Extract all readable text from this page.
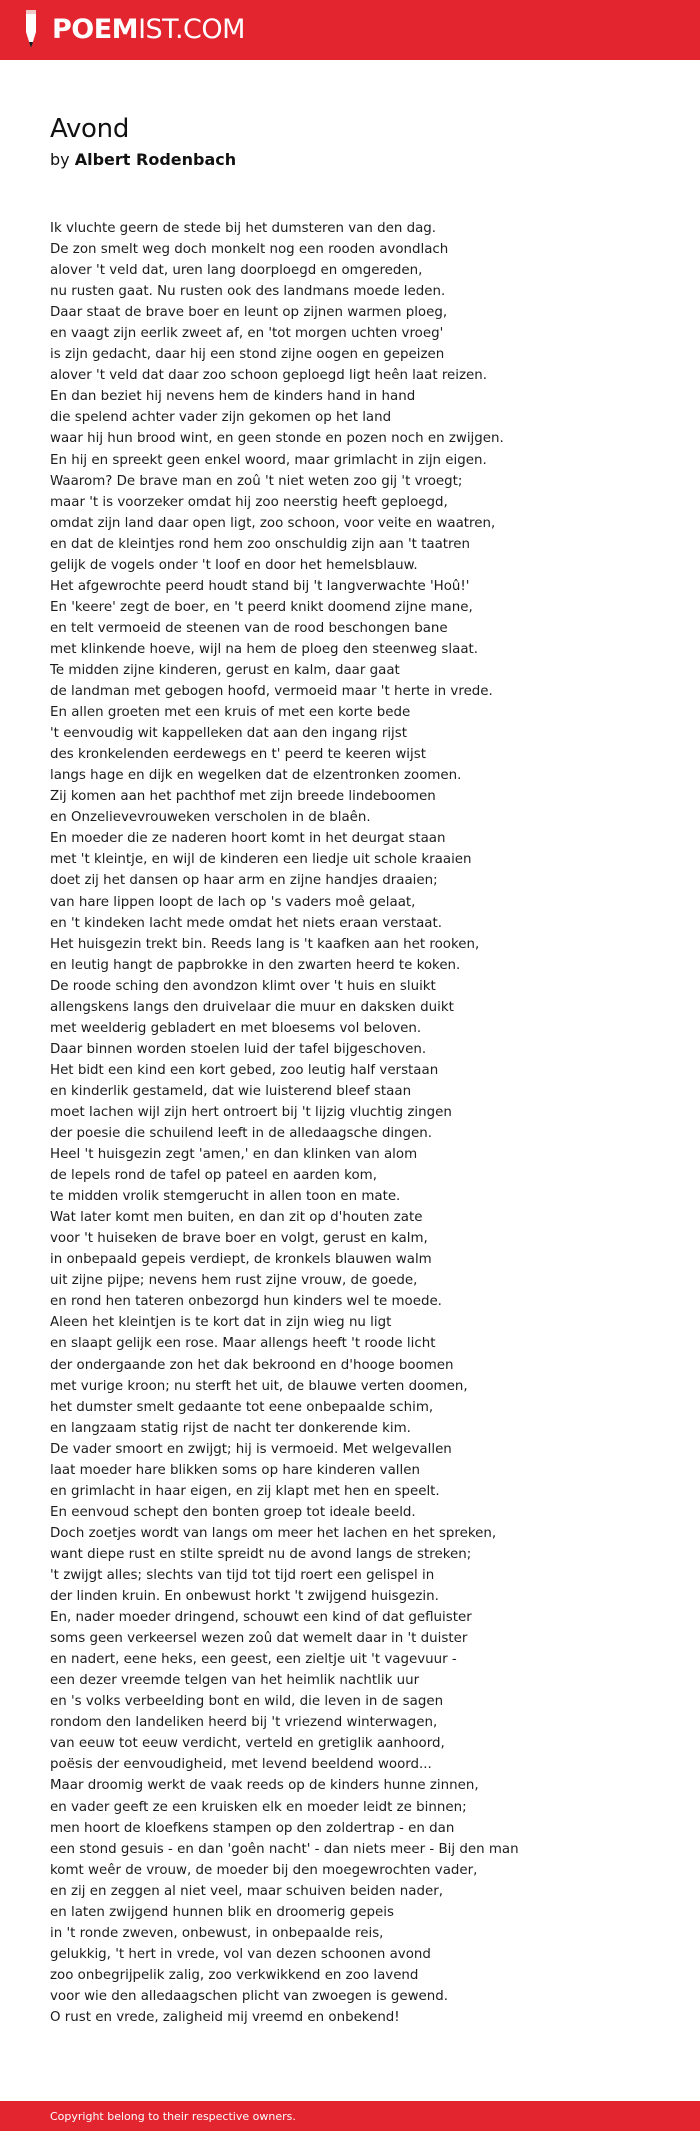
POEMIST.COM
Avond
by Albert Rodenbach
Ik vluchte geern de stede bij het dumsteren van den dag.
De zon smelt weg doch monkelt nog een rooden avondlach
alover 't veld dat, uren lang doorploegd en omgereden,
nu rusten gaat. Nu rusten ook des landmans moede leden.
Daar staat de brave boer en leunt op zijnen warmen ploeg,
en vaagt zijn eerlik zweet af, en 'tot morgen uchten vroeg'
is zijn gedacht, daar hij een stond zijne oogen en gepeizen
alover 't veld dat daar zoo schoon geploegd ligt heên laat reizen.
En dan beziet hij nevens hem de kinders hand in hand
die spelend achter vader zijn gekomen op het land
waar hij hun brood wint, en geen stonde en pozen noch en zwijgen.
En hij en spreekt geen enkel woord, maar grimlacht in zijn eigen.
Waarom? De brave man en zoû 't niet weten zoo gij 't vroegt;
maar 't is voorzeker omdat hij zoo neerstig heeft geploegd,
omdat zijn land daar open ligt, zoo schoon, voor veite en waatren,
en dat de kleintjes rond hem zoo onschuldig zijn aan 't taatren
gelijk de vogels onder 't loof en door het hemelsblauw.
Het afgewrochte peerd houdt stand bij 't langverwachte 'Hoû!'
En 'keere' zegt de boer, en 't peerd knikt doomend zijne mane,
en telt vermoeid de steenen van de rood beschongen bane
met klinkende hoeve, wijl na hem de ploeg den steenweg slaat.
Te midden zijne kinderen, gerust en kalm, daar gaat
de landman met gebogen hoofd, vermoeid maar 't herte in vrede.
En allen groeten met een kruis of met een korte bede
't eenvoudig wit kappelleken dat aan den ingang rijst
des kronkelenden eerdewegs en t' peerd te keeren wijst
langs hage en dijk en wegelken dat de elzentronken zoomen.
Zij komen aan het pachthof met zijn breede lindeboomen
en Onzelievevrouweken verscholen in de blaên.
En moeder die ze naderen hoort komt in het deurgat staan
met 't kleintje, en wijl de kinderen een liedje uit schole kraaien
doet zij het dansen op haar arm en zijne handjes draaien;
van hare lippen loopt de lach op 's vaders moê gelaat,
en 't kindeken lacht mede omdat het niets eraan verstaat.
Het huisgezin trekt bin. Reeds lang is 't kaafken aan het rooken,
en leutig hangt de papbrokke in den zwarten heerd te koken.
De roode sching den avondzon klimt over 't huis en sluikt
allengskens langs den druivelaar die muur en daksken duikt
met weelderig gebladert en met bloesems vol beloven.
Daar binnen worden stoelen luid der tafel bijgeschoven.
Het bidt een kind een kort gebed, zoo leutig half verstaan
en kinderlik gestameld, dat wie luisterend bleef staan
moet lachen wijl zijn hert ontroert bij 't lijzig vluchtig zingen
der poesie die schuilend leeft in de alledaagsche dingen.
Heel 't huisgezin zegt 'amen,' en dan klinken van alom
de lepels rond de tafel op pateel en aarden kom,
te midden vrolik stemgerucht in allen toon en mate.
Wat later komt men buiten, en dan zit op d'houten zate
voor 't huiseken de brave boer en volgt, gerust en kalm,
in onbepaald gepeis verdiept, de kronkels blauwen walm
uit zijne pijpe; nevens hem rust zijne vrouw, de goede,
en rond hen tateren onbezorgd hun kinders wel te moede.
Aleen het kleintjen is te kort dat in zijn wieg nu ligt
en slaapt gelijk een rose. Maar allengs heeft 't roode licht
der ondergaande zon het dak bekroond en d'hooge boomen
met vurige kroon; nu sterft het uit, de blauwe verten doomen,
het dumster smelt gedaante tot eene onbepaalde schim,
en langzaam statig rijst de nacht ter donkerende kim.
De vader smoort en zwijgt; hij is vermoeid. Met welgevallen
laat moeder hare blikken soms op hare kinderen vallen
en grimlacht in haar eigen, en zij klapt met hen en speelt.
En eenvoud schept den bonten groep tot ideale beeld.
Doch zoetjes wordt van langs om meer het lachen en het spreken,
want diepe rust en stilte spreidt nu de avond langs de streken;
't zwijgt alles; slechts van tijd tot tijd roert een gelispel in
der linden kruin. En onbewust horkt 't zwijgend huisgezin.
En, nader moeder dringend, schouwt een kind of dat gefluister
soms geen verkeersel wezen zoû dat wemelt daar in 't duister
en nadert, eene heks, een geest, een zieltje uit 't vagevuur -
een dezer vreemde telgen van het heimlik nachtlik uur
en 's volks verbeelding bont en wild, die leven in de sagen
rondom den landeliken heerd bij 't vriezend winterwagen,
van eeuw tot eeuw verdicht, verteld en gretiglik aanhoord,
poësis der eenvoudigheid, met levend beeldend woord...
Maar droomig werkt de vaak reeds op de kinders hunne zinnen,
en vader geeft ze een kruisken elk en moeder leidt ze binnen;
men hoort de kloefkens stampen op den zoldertrap - en dan
een stond gesuis - en dan 'goên nacht' - dan niets meer - Bij den man
komt weêr de vrouw, de moeder bij den moegewrochten vader,
en zij en zeggen al niet veel, maar schuiven beiden nader,
en laten zwijgend hunnen blik en droomerig gepeis
in 't ronde zweven, onbewust, in onbepaalde reis,
gelukkig, 't hert in vrede, vol van dezen schoonen avond
zoo onbegrijpelik zalig, zoo verkwikkend en zoo lavend
voor wie den alledaagschen plicht van zwoegen is gewend.
O rust en vrede, zaligheid mij vreemd en onbekend!
Copyright belong to their respective owners.
